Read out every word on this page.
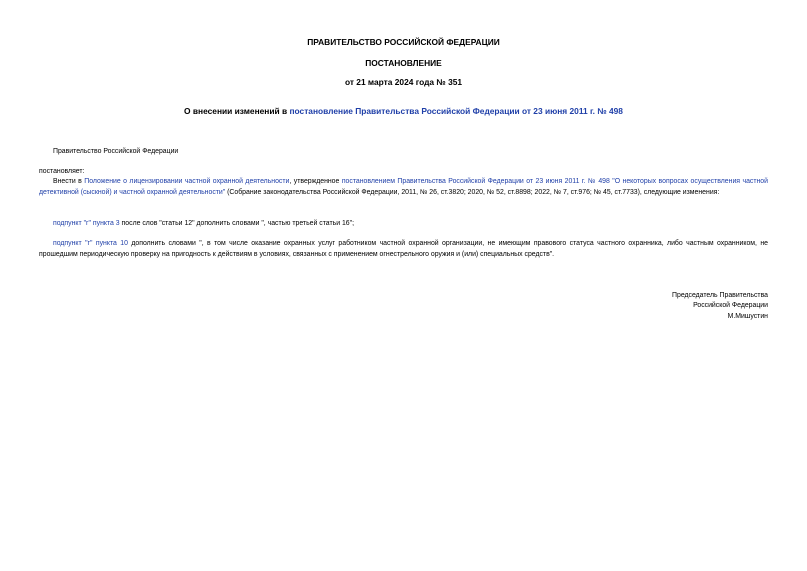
ПРАВИТЕЛЬСТВО РОССИЙСКОЙ ФЕДЕРАЦИИ
ПОСТАНОВЛЕНИЕ
от 21 марта 2024 года № 351
О внесении изменений в постановление Правительства Российской Федерации от 23 июня 2011 г. № 498
Правительство Российской Федерации
постановляет:
Внести в Положение о лицензировании частной охранной деятельности, утвержденное постановлением Правительства Российской Федерации от 23 июня 2011 г. № 498 "О некоторых вопросах осуществления частной детективной (сыскной) и частной охранной деятельности" (Собрание законодательства Российской Федерации, 2011, № 26, ст.3820; 2020, № 52, ст.8898; 2022, № 7, ст.976; № 45, ст.7733), следующие изменения:
подпункт "г" пункта 3 после слов "статьи 12" дополнить словами ", частью третьей статьи 16";
подпункт "г" пункта 10 дополнить словами ", в том числе оказание охранных услуг работником частной охранной организации, не имеющим правового статуса частного охранника, либо частным охранником, не прошедшим периодическую проверку на пригодность к действиям в условиях, связанных с применением огнестрельного оружия и (или) специальных средств".
Председатель Правительства
Российской Федерации
М.Мишустин
